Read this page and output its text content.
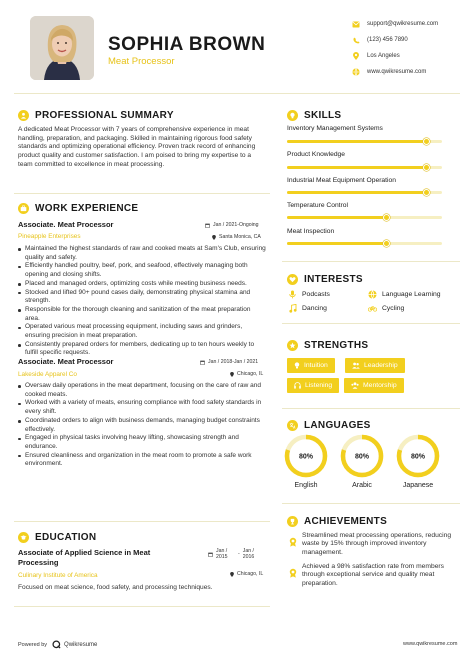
SOPHIA BROWN
Meat Processor
support@qwikresume.com
(123) 456 7890
Los Angeles
www.qwikresume.com
PROFESSIONAL SUMMARY
A dedicated Meat Processor with 7 years of comprehensive experience in meat handling, preparation, and packaging. Skilled in maintaining rigorous food safety standards and optimizing operational efficiency. Proven track record of enhancing product quality and customer satisfaction. I am poised to bring my expertise to a team committed to excellence in meat processing.
WORK EXPERIENCE
Associate. Meat Processor
Pineapple Enterprises
Jan / 2021-Ongoing
Santa Monica, CA
Maintained the highest standards of raw and cooked meats at Sam's Club, ensuring quality and safety.
Efficiently handled poultry, beef, pork, and seafood, effectively managing both opening and closing shifts.
Placed and managed orders, optimizing costs while meeting business needs.
Stocked and lifted 90+ pound cases daily, demonstrating physical stamina and strength.
Responsible for the thorough cleaning and sanitization of the meat preparation area.
Operated various meat processing equipment, including saws and grinders, ensuring precision in meat preparation.
Consistently prepared orders for members, dedicating up to ten hours weekly to fulfill specific requests.
Associate. Meat Processor
Lakeside Apparel Co
Jan / 2018-Jan / 2021
Chicago, IL
Oversaw daily operations in the meat department, focusing on the care of raw and cooked meats.
Worked with a variety of meats, ensuring compliance with food safety standards in every shift.
Coordinated orders to align with business demands, managing budget constraints effectively.
Engaged in physical tasks involving heavy lifting, showcasing strength and endurance.
Ensured cleanliness and organization in the meat room to promote a safe work environment.
EDUCATION
Associate of Applied Science in Meat
Processing
Culinary Institute of America
Jan /
2015 - Jan /
2016
Chicago, IL
Focused on meat science, food safety, and processing techniques.
SKILLS
Inventory Management Systems
Product Knowledge
Industrial Meat Equipment Operation
Temperature Control
Meat Inspection
INTERESTS
Podcasts	Language Learning
Dancing	Cycling
STRENGTHS
Intuition	Leadership
Listening	Mentorship
LANGUAGES
80%	80%	80%
English	Arabic	Japanese
ACHIEVEMENTS
Streamlined meat processing operations, reducing waste by 15% through improved inventory management.
Achieved a 98% satisfaction rate from members through exceptional service and quality meat preparation.
Powered by	Qwikresume	www.qwikresume.com
